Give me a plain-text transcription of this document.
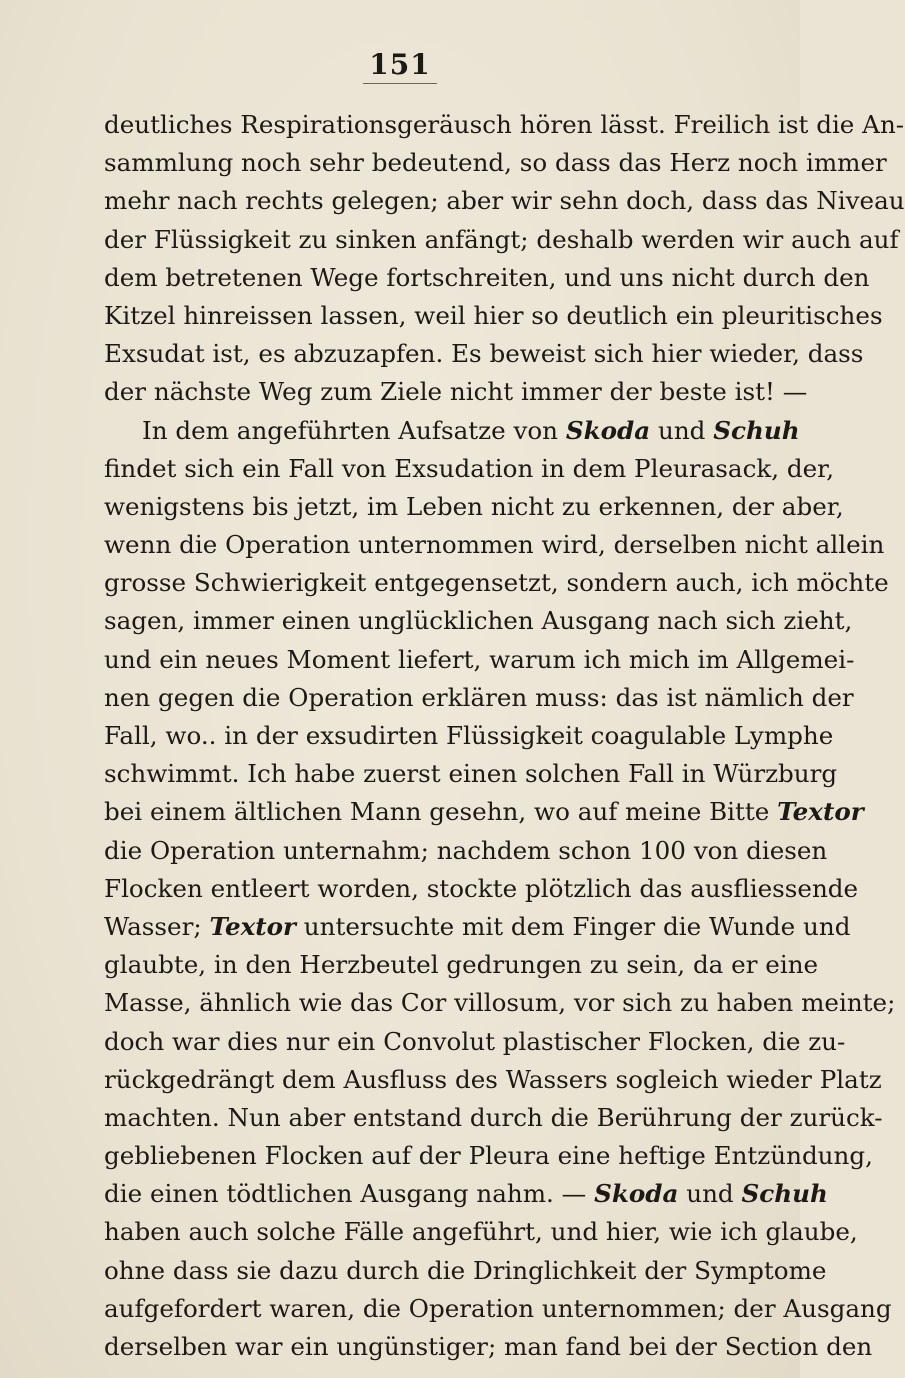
151
deutliches Respirationsgeräusch hören lässt. Freilich ist die An-
sammlung noch sehr bedeutend, so dass das Herz noch immer
mehr nach rechts gelegen; aber wir sehn doch, dass das Niveau
der Flüssigkeit zu sinken anfängt; deshalb werden wir auch auf
dem betretenen Wege fortschreiten, und uns nicht durch den
Kitzel hinreissen lassen, weil hier so deutlich ein pleuritisches
Exsudat ist, es abzuzapfen. Es beweist sich hier wieder, dass
der nächste Weg zum Ziele nicht immer der beste ist! —
In dem angeführten Aufsatze von Skoda und Schuh
findet sich ein Fall von Exsudation in dem Pleurasack, der,
wenigstens bis jetzt, im Leben nicht zu erkennen, der aber,
wenn die Operation unternommen wird, derselben nicht allein
grosse Schwierigkeit entgegensetzt, sondern auch, ich möchte
sagen, immer einen unglücklichen Ausgang nach sich zieht,
und ein neues Moment liefert, warum ich mich im Allgemei-
nen gegen die Operation erklären muss: das ist nämlich der
Fall, wo.. in der exsudirten Flüssigkeit coagulable Lymphe
schwimmt. Ich habe zuerst einen solchen Fall in Würzburg
bei einem ältlichen Mann gesehn, wo auf meine Bitte Textor
die Operation unternahm; nachdem schon 100 von diesen
Flocken entleert worden, stockte plötzlich das ausfliessende
Wasser; Textor untersuchte mit dem Finger die Wunde und
glaubte, in den Herzbeutel gedrungen zu sein, da er eine
Masse, ähnlich wie das Cor villosum, vor sich zu haben meinte;
doch war dies nur ein Convolut plastischer Flocken, die zu-
rückgedrängt dem Ausfluss des Wassers sogleich wieder Platz
machten. Nun aber entstand durch die Berührung der zurück-
gebliebenen Flocken auf der Pleura eine heftige Entzündung,
die einen tödtlichen Ausgang nahm. — Skoda und Schuh
haben auch solche Fälle angeführt, und hier, wie ich glaube,
ohne dass sie dazu durch die Dringlichkeit der Symptome
aufgefordert waren, die Operation unternommen; der Ausgang
derselben war ein ungünstiger; man fand bei der Section den
